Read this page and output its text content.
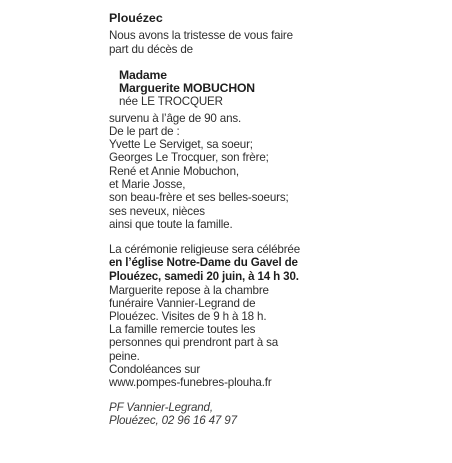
Plouézec
Nous avons la tristesse de vous faire
part du décès de
Madame
Marguerite MOBUCHON
née LE TROCQUER
survenu à l’âge de 90 ans.
De le part de :
Yvette Le Serviget, sa soeur;
Georges Le Trocquer, son frère;
René et Annie Mobuchon,
et Marie Josse,
son beau-frère et ses belles-soeurs;
ses neveux, nièces
ainsi que toute la famille.
La cérémonie religieuse sera célébrée
en l’église Notre-Dame du Gavel de
Plouézec, samedi 20 juin, à 14 h 30.
Marguerite repose à la chambre
funéraire Vannier-Legrand de
Plouézec. Visites de 9 h à 18 h.
La famille remercie toutes les
personnes qui prendront part à sa
peine.
Condoléances sur
www.pompes-funebres-plouha.fr
PF Vannier-Legrand,
Plouézec, 02 96 16 47 97
